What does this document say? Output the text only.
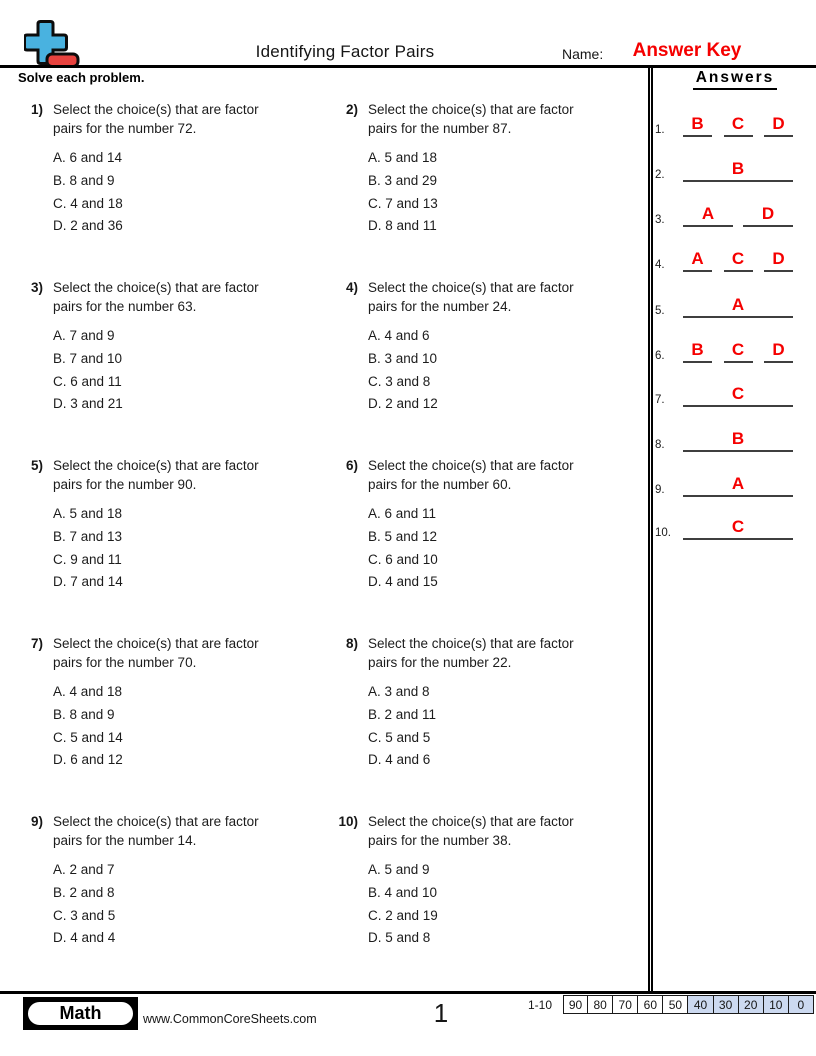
Identifying Factor Pairs	Name:	Answer Key
Solve each problem.	Answers
1.	B C D
2.	B
3.	A	D
4.	A C D
5.	A
6.	B C D
7.	C
8.	B
9.	A
10.	C
1) Select the choice(s) that are factor
pairs for the number 72.
A. 6 and 14
B. 8 and 9
C. 4 and 18
D. 2 and 36
2) Select the choice(s) that are factor
pairs for the number 87.
A. 5 and 18
B. 3 and 29
C. 7 and 13
D. 8 and 11
3) Select the choice(s) that are factor
pairs for the number 63.
A. 7 and 9
B. 7 and 10
C. 6 and 11
D. 3 and 21
4) Select the choice(s) that are factor
pairs for the number 24.
A. 4 and 6
B. 3 and 10
C. 3 and 8
D. 2 and 12
5) Select the choice(s) that are factor
pairs for the number 90.
A. 5 and 18
B. 7 and 13
C. 9 and 11
D. 7 and 14
6) Select the choice(s) that are factor
pairs for the number 60.
A. 6 and 11
B. 5 and 12
C. 6 and 10
D. 4 and 15
7) Select the choice(s) that are factor
pairs for the number 70.
A. 4 and 18
B. 8 and 9
C. 5 and 14
D. 6 and 12
8) Select the choice(s) that are factor
pairs for the number 22.
A. 3 and 8
B. 2 and 11
C. 5 and 5
D. 4 and 6
9) Select the choice(s) that are factor
pairs for the number 14.
A. 2 and 7
B. 2 and 8
C. 3 and 5
D. 4 and 4
10) Select the choice(s) that are factor
pairs for the number 38.
A. 5 and 9
B. 4 and 10
C. 2 and 19
D. 5 and 8
Math	www.CommonCoreSheets.com	1	1-10	90 80 70 60 50 40 30 20 10	0
